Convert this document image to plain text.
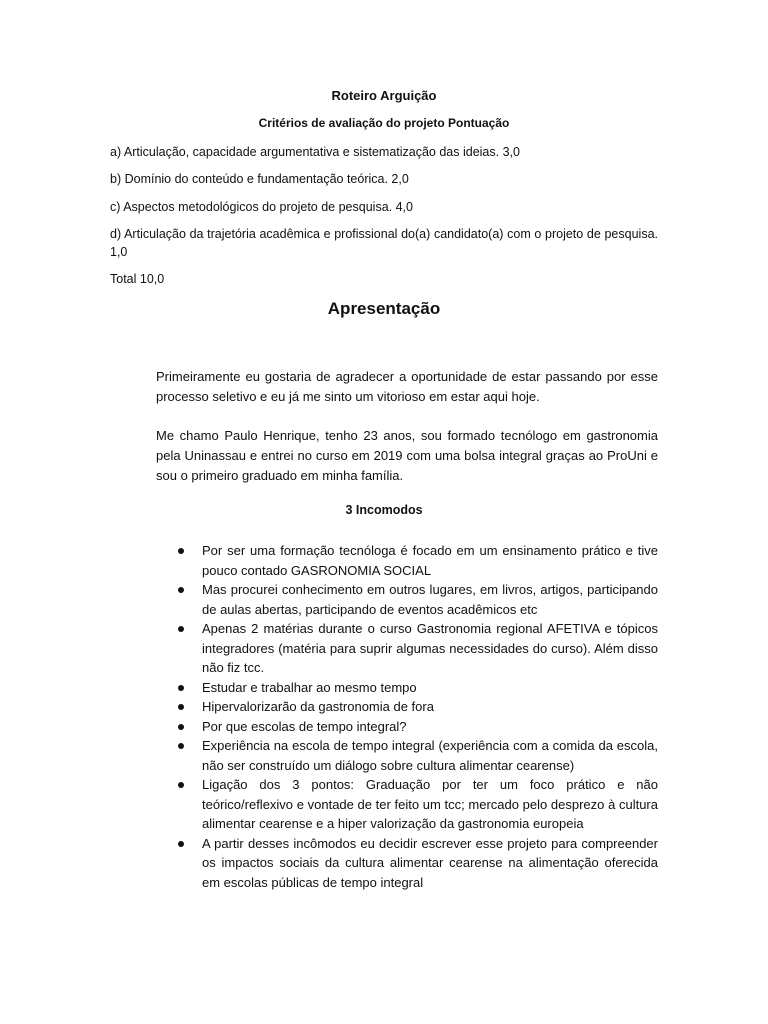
Roteiro Arguição
Critérios de avaliação do projeto Pontuação
a) Articulação, capacidade argumentativa e sistematização das ideias. 3,0
b) Domínio do conteúdo e fundamentação teórica. 2,0
c) Aspectos metodológicos do projeto de pesquisa. 4,0
d) Articulação da trajetória acadêmica e profissional do(a) candidato(a) com o projeto de pesquisa. 1,0
Total 10,0
Apresentação
Primeiramente eu gostaria de agradecer a oportunidade de estar passando por esse processo seletivo e eu já me sinto um vitorioso em estar aqui hoje.
Me chamo Paulo Henrique, tenho 23 anos, sou formado tecnólogo em gastronomia pela Uninassau e entrei no curso em 2019 com uma bolsa integral graças ao ProUni e sou o primeiro graduado em minha família.
3 Incomodos
Por ser uma formação tecnóloga é focado em um ensinamento prático e tive pouco contado GASRONOMIA SOCIAL
Mas procurei conhecimento em outros lugares, em livros, artigos, participando de aulas abertas, participando de eventos acadêmicos etc
Apenas 2 matérias durante o curso Gastronomia regional AFETIVA e tópicos integradores (matéria para suprir algumas necessidades do curso). Além disso não fiz tcc.
Estudar e trabalhar ao mesmo tempo
Hipervalorizarão da gastronomia de fora
Por que escolas de tempo integral?
Experiência na escola de tempo integral (experiência com a comida da escola, não ser construído um diálogo sobre cultura alimentar cearense)
Ligação dos 3 pontos: Graduação por ter um foco prático e não teórico/reflexivo e vontade de ter feito um tcc; mercado pelo desprezo à cultura alimentar cearense e a hiper valorização da gastronomia europeia
A partir desses incômodos eu decidir escrever esse projeto para compreender os impactos sociais da cultura alimentar cearense na alimentação oferecida em escolas públicas de tempo integral
